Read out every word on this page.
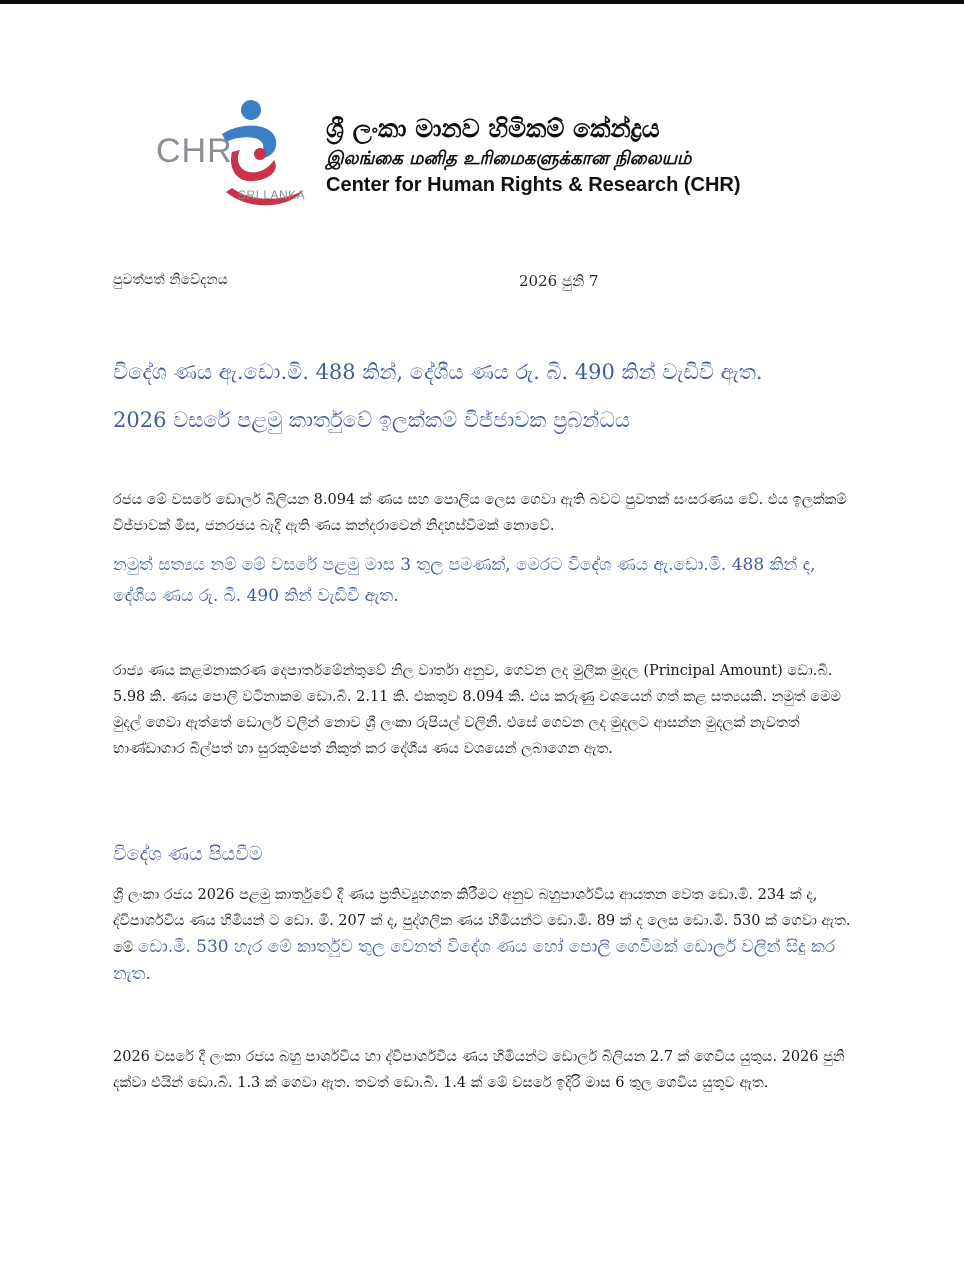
CHR
SRI LANKA
ශ්‍රී ලංකා මානව හිමිකම් කේන්ද්‍රය
இலங்கை மனித உரிமைகளுக்கான நிலையம்
Center for Human Rights & Research (CHR)
පුවත්පත් නිවේදනය	2026 ජුනි 7
විදේශ ණය ඇ.ඩො.මි. 488 කින්, දේශීය ණය රු. බි. 490 කින් වැඩිවී ඇත.
2026 වසරේ පළමු කාර්තුවේ ඉලක්කම් විජ්ජාවක ප්‍රබන්ධය
රජය මේ වසරේ ඩොලර් බිලියන 8.094 ක් ණය සහ පොලිය ලෙස ගෙවා ඇති බවට පුවතක් සංසරණය වේ. එය ඉලක්කම් විජ්ජාවක් මිස, ජනරජය බැදී ඇති ණය කන්දරාවෙන් නිදහස්වීමක් නොවේ.
නමුත් සත්‍යය නම් මේ වසරේ පළමු මාස 3 තුල පමණක්, මෙරට විදේශ ණය ඇ.ඩො.මි. 488 කින් ද, දේශීය ණය රු. බි. 490 කින් වැඩිවී ඇත.
රාජ්‍ය ණය කළමනාකරණ දෙපාර්තමේන්තුවේ නිල වාර්තා අනුව, ගෙවන ලද මුලික මුදල (Principal Amount) ඩො.බි. 5.98 කි. ණය පොලි වටිනාකම ඩො.බි. 2.11 කි. එකතුව 8.094 කි. එය කරුණු වශයෙන් ගත් කළ සත්‍යයකි. නමුත් මෙම මුදල් ගෙවා ඇත්තේ ඩොලර් වලින් නොව ශ්‍රී ලංකා රුපියල් වලිනි. එසේ ගෙවන ලද මුදලට ආසන්න මුදලක් නැවතත් භාණ්ඩාගාර බිල්පත් හා සුරකුම්පත් නිකුත් කර දේශීය ණය වශයෙන් ලබාගෙන ඇත.
විදේශ ණය පියවීම
ශ්‍රී ලංකා රජය 2026 පළමු කාර්තුවේ දී ණය ප්‍රතිව්‍යුහගත කිරීමට අනුව බහුපාර්ශවීය ආයතන වෙත ඩො.මි. 234 ක් ද, ද්විපාර්ශවීය ණය හිමියන් ට ඩො. මි. 207 ක් ද, පුද්ගලික ණය හිමියන්ට ඩො.මි. 89 ක් ද ලෙස ඩො.මි. 530 ක් ගෙවා ඇත. මේ ඩො.මි. 530 හැර මේ කාර්තුව තුල වෙනත් විදේශ ණය හෝ පොලී ගෙවීමක් ඩොලර් වලින් සිදු කර නැත.
2026 වසරේ දී ලංකා රජය බහු පාර්ශවීය හා ද්විපාර්ශවීය ණය හිමියන්ට ඩොලර් බිලියන 2.7 ක් ගෙවිය යුතුය. 2026 ජුනි දක්වා එයින් ඩො.බි. 1.3 ක් ගෙවා ඇත. තවත් ඩො.බි. 1.4 ක් මේ වසරේ ඉදිරි මාස 6 තුල ගෙවිය යුතුව ඇත.
